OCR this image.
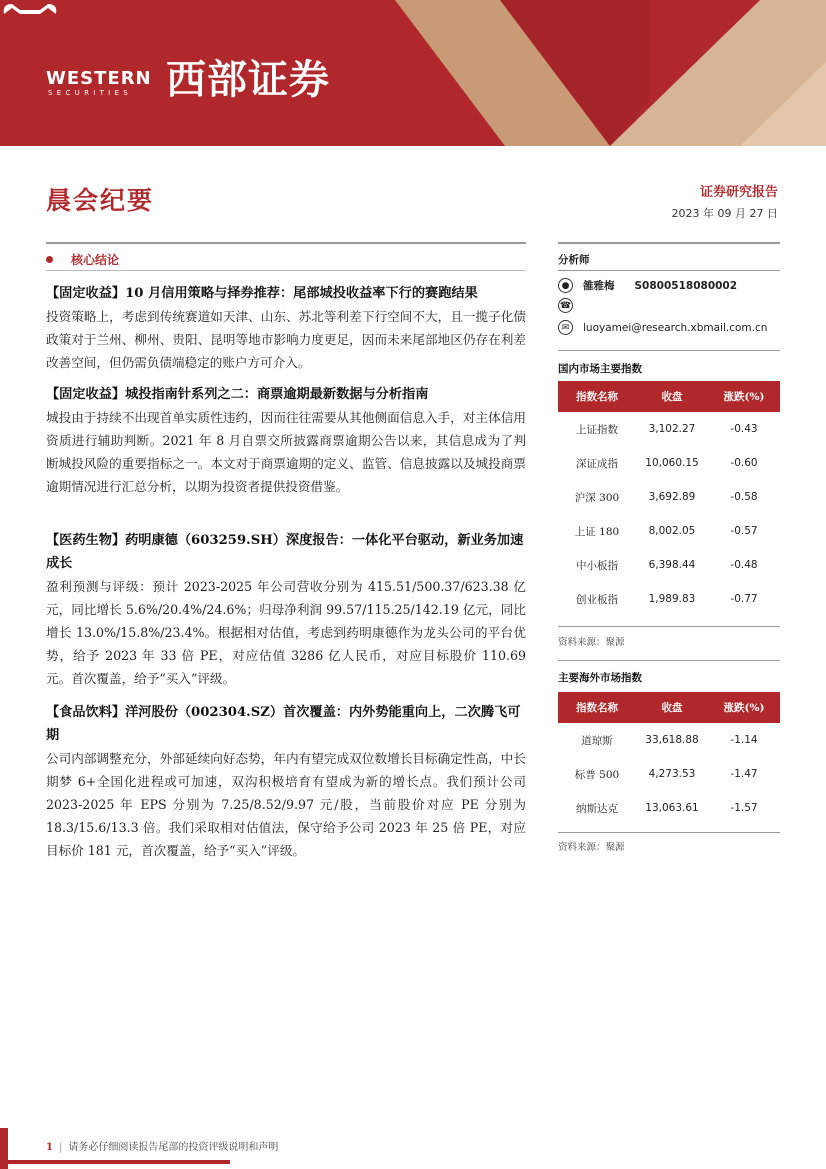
WESTERN
SECURITIES 西部证券
晨会纪要	证券研究报告
2023 年 09 月 27 日
核心结论
【固定收益】10 月信用策略与择券推荐：尾部城投收益率下行的赛跑结果
投资策略上，考虑到传统赛道如天津、山东、苏北等利差下行空间不大，且一揽子化债政策对于兰州、柳州、贵阳、昆明等地市影响力度更足，因而未来尾部地区仍存在利差改善空间，但仍需负债端稳定的账户方可介入。
【固定收益】城投指南针系列之二：商票逾期最新数据与分析指南
城投由于持续不出现首单实质性违约，因而往往需要从其他侧面信息入手，对主体信用资质进行辅助判断。2021 年 8 月自票交所披露商票逾期公告以来，其信息成为了判断城投风险的重要指标之一。本文对于商票逾期的定义、监管、信息披露以及城投商票逾期情况进行汇总分析，以期为投资者提供投资借鉴。
【医药生物】药明康德（603259.SH）深度报告：一体化平台驱动，新业务加速成长
盈利预测与评级：预计 2023-2025 年公司营收分别为 415.51/500.37/623.38 亿元，同比增长 5.6%/20.4%/24.6%；归母净利润 99.57/115.25/142.19 亿元，同比增长 13.0%/15.8%/23.4%。根据相对估值，考虑到药明康德作为龙头公司的平台优势，给予 2023 年 33 倍 PE，对应估值 3286 亿人民币，对应目标股价 110.69 元。首次覆盖，给予“买入”评级。
【食品饮料】洋河股份（002304.SZ）首次覆盖：内外势能重向上，二次腾飞可期
公司内部调整充分，外部延续向好态势，年内有望完成双位数增长目标确定性高，中长期梦 6+全国化进程或可加速，双沟积极培育有望成为新的增长点。我们预计公司 2023-2025 年 EPS 分别为 7.25/8.52/9.97 元/股，当前股价对应 PE 分别为 18.3/15.6/13.3 倍。我们采取相对估值法，保守给予公司 2023 年 25 倍 PE，对应目标价 181 元，首次覆盖，给予“买入”评级。
分析师
●	雒雅梅 S0800518080002
☎
✉	luoyamei@research.xbmail.com.cn
国内市场主要指数
指数名称	收盘	涨跌(%)
上证指数	3,102.27	-0.43
深证成指	10,060.15	-0.60
沪深 300	3,692.89	-0.58
上证 180	8,002.05	-0.57
中小板指	6,398.44	-0.48
创业板指	1,989.83	-0.77
资料来源：聚源
主要海外市场指数
指数名称	收盘	涨跌(%)
道琼斯	33,618.88	-1.14
标普 500	4,273.53	-1.47
纳斯达克	13,063.61	-1.57
资料来源：聚源
1 | 请务必仔细阅读报告尾部的投资评级说明和声明
